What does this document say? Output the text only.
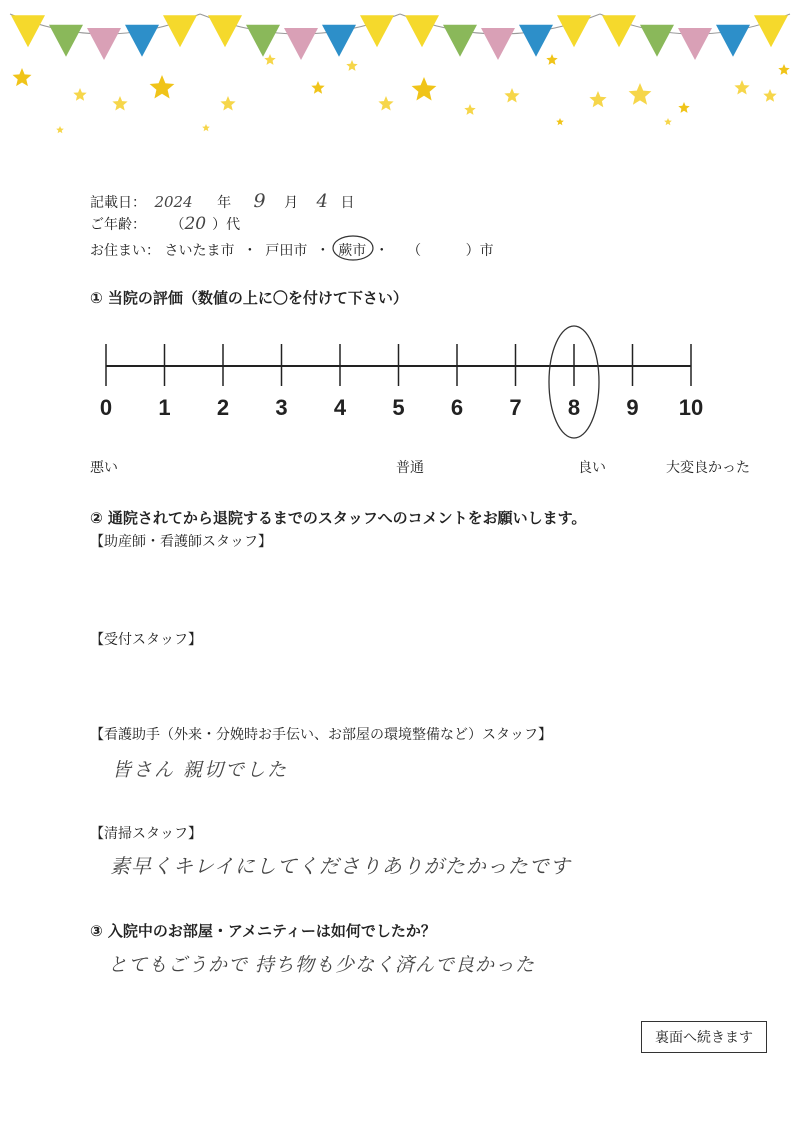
記載日： 2024 年 9 月 4 日
ご年齢： （20 ）代
お住まい： さいたま市 ・ 戸田市 ・ 蕨市 ・ （	）市
① 当院の評価（数値の上に〇を付けて下さい）
0 1 2 3 4 5 6 7 8 9 10
悪い	普通	良い	大変良かった
② 通院されてから退院するまでのスタッフへのコメントをお願いします。
【助産師・看護師スタッフ】
【受付スタッフ】
【看護助手（外来・分娩時お手伝い、お部屋の環境整備など）スタッフ】
皆さん 親切でした
【清掃スタッフ】
素早くキレイにしてくださりありがたかったです
③ 入院中のお部屋・アメニティーは如何でしたか？
とてもごうかで 持ち物も少なく済んで良かった
裏面へ続きます
